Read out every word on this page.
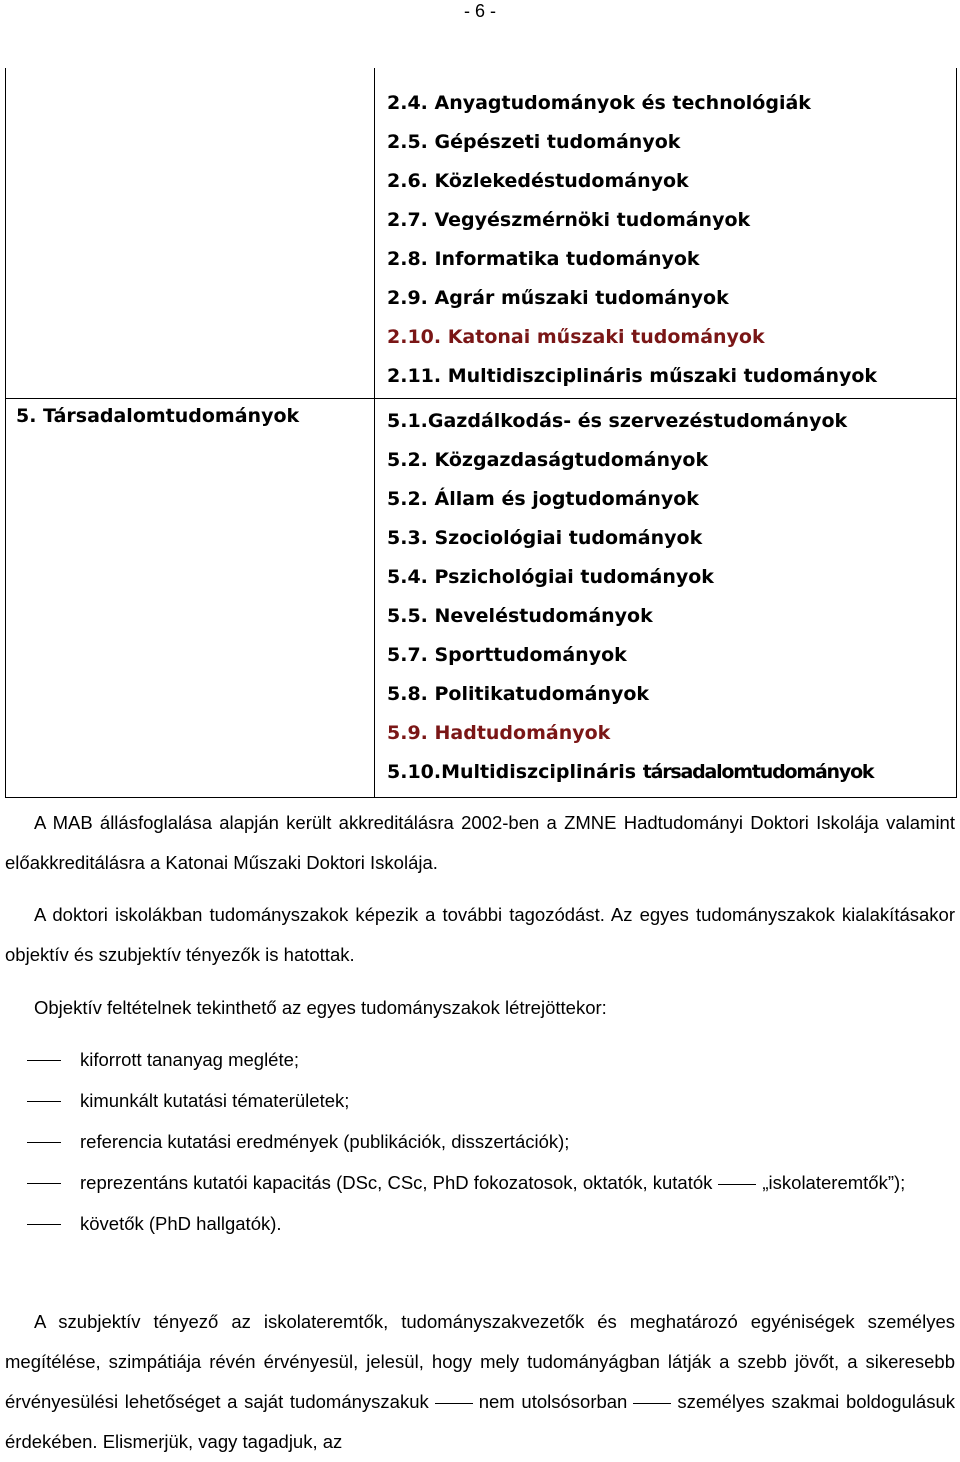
- 6 -
2.4. Anyagtudományok és technológiák
2.5. Gépészeti tudományok
2.6. Közlekedéstudományok
2.7. Vegyészmérnöki tudományok
2.8. Informatika tudományok
2.9. Agrár műszaki tudományok
2.10. Katonai műszaki tudományok
2.11. Multidiszciplináris műszaki tudományok
5. Társadalomtudományok	5.1.Gazdálkodás- és szervezéstudományok
5.2. Közgazdaságtudományok
5.2. Állam és jogtudományok
5.3. Szociológiai tudományok
5.4. Pszichológiai tudományok
5.5. Neveléstudományok
5.7. Sporttudományok
5.8. Politikatudományok
5.9. Hadtudományok
5.10.Multidiszciplináris társadalomtudományok

A MAB állásfoglalása alapján került akkreditálásra 2002-ben a ZMNE Hadtudományi Doktori Iskolája valamint előakkreditálásra a Katonai Műszaki Doktori Iskolája.

A doktori iskolákban tudományszakok képezik a további tagozódást. Az egyes tudományszakok kialakításakor objektív és szubjektív tényezők is hatottak.

Objektív feltételnek tekinthető az egyes tudományszakok létrejöttekor:

kiforrott tananyag megléte;
kimunkált kutatási tématerületek;
referencia kutatási eredmények (publikációk, disszertációk);
reprezentáns kutatói kapacitás (DSc, CSc, PhD fokozatosok, oktatók, kutatók	„iskolateremtők”);
követők (PhD hallgatók).

A szubjektív tényező az iskolateremtők, tudományszakvezetők és meghatározó egyéniségek személyes megítélése, szimpátiája révén érvényesül, jelesül, hogy mely tudományágban látják a szebb jövőt, a sikeresebb érvényesülési lehetőséget a saját tudományszakuk	nem utolsósorban	személyes szakmai boldogulásuk érdekében. Elismerjük, vagy tagadjuk, az
